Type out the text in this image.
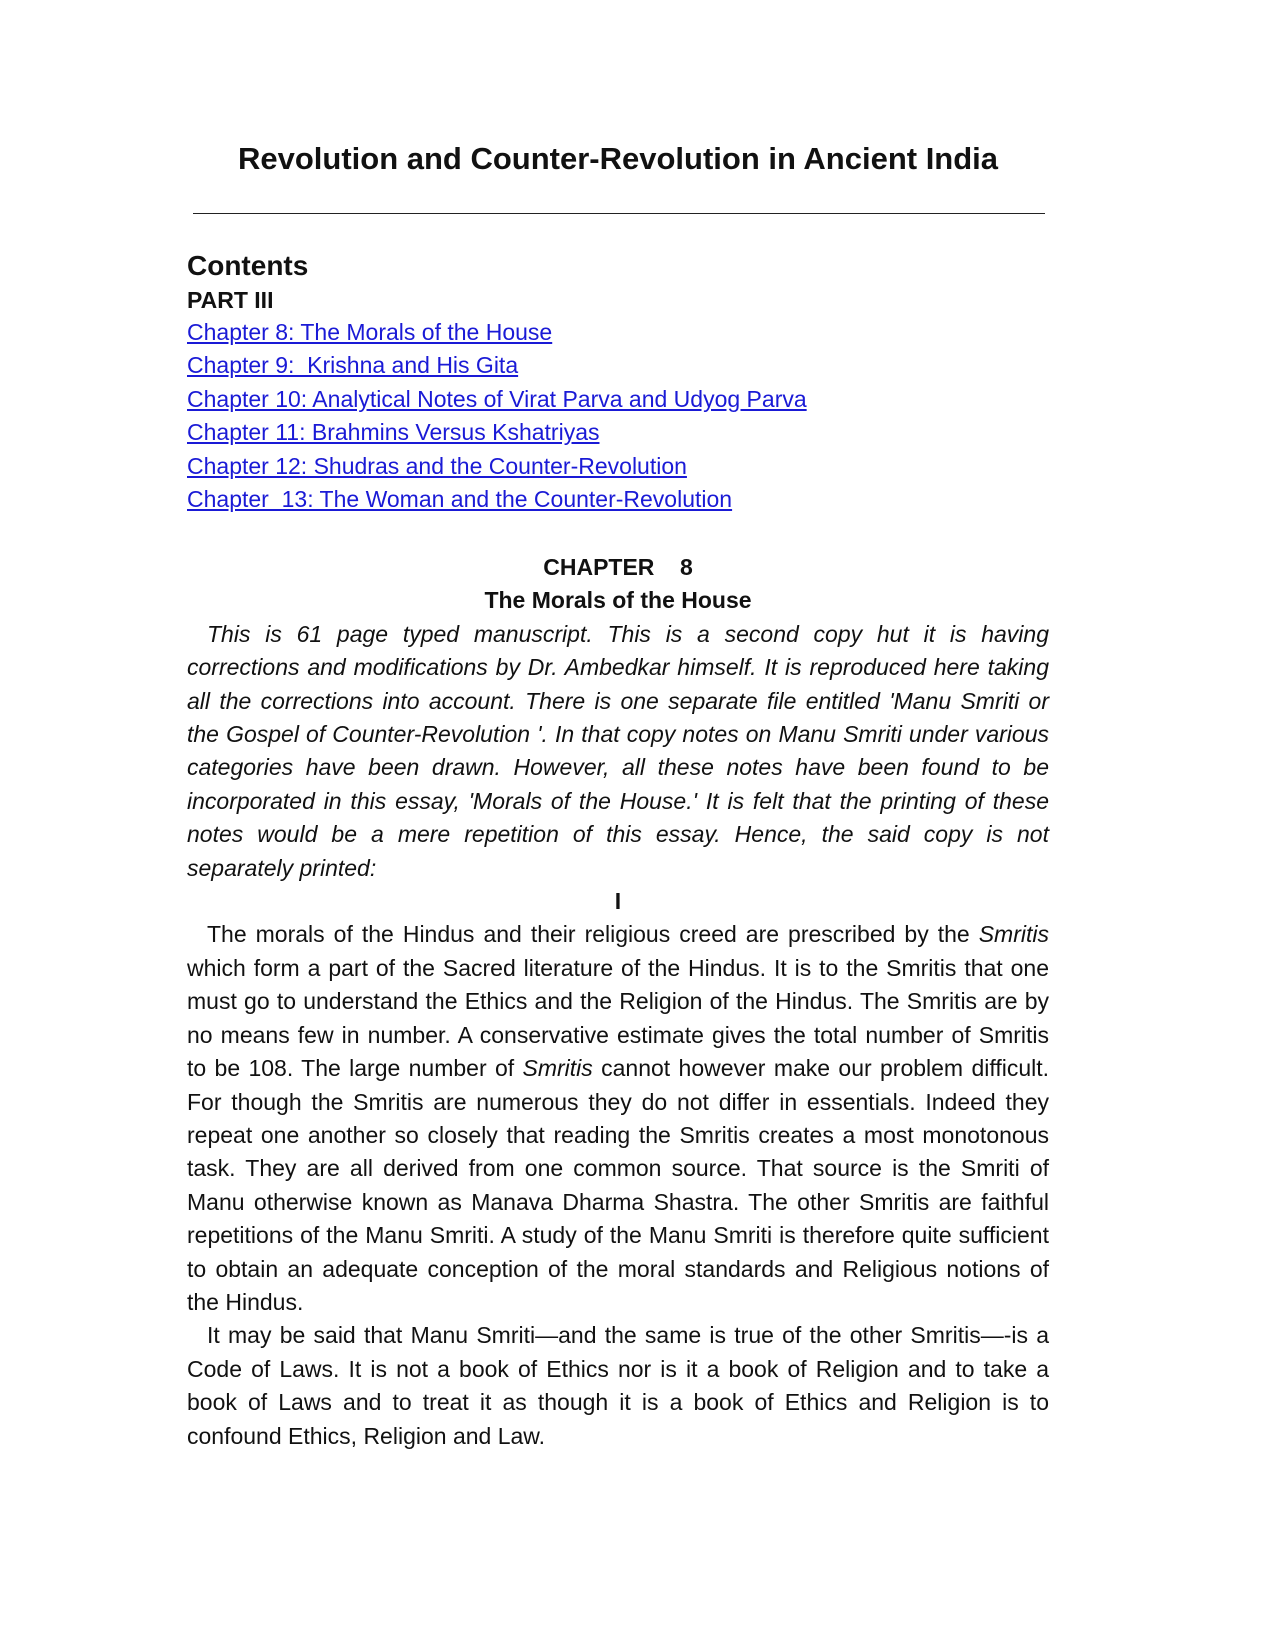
Revolution and Counter-Revolution in Ancient India
Contents
PART III
Chapter 8: The Morals of the House
Chapter 9:  Krishna and His Gita
Chapter 10: Analytical Notes of Virat Parva and Udyog Parva
Chapter 11: Brahmins Versus Kshatriyas
Chapter 12: Shudras and the Counter-Revolution
Chapter  13: The Woman and the Counter-Revolution

CHAPTER    8

The Morals of the House

This is 61 page typed manuscript. This is a second copy hut it is having corrections and modifications by Dr. Ambedkar himself. It is reproduced here taking all the corrections into account. There is one separate file entitled 'Manu Smriti or the Gospel of Counter-Revolution '. In that copy notes on Manu Smriti under various categories have been drawn. However, all these notes have been found to be incorporated in this essay, 'Morals of the House.' It is felt that the printing of these notes would be a mere repetition of this essay. Hence, the said copy is not separately printed:

I

The morals of the Hindus and their religious creed are prescribed by the Smritis which form a part of the Sacred literature of the Hindus. It is to the Smritis that one must go to understand the Ethics and the Religion of the Hindus. The Smritis are by no means few in number. A conservative estimate gives the total number of Smritis to be 108. The large number of Smritis cannot however make our problem difficult. For though the Smritis are numerous they do not differ in essentials. Indeed they repeat one another so closely that reading the Smritis creates a most monotonous task. They are all derived from one common source. That source is the Smriti of Manu otherwise known as Manava Dharma Shastra. The other Smritis are faithful repetitions of the Manu Smriti. A study of the Manu Smriti is therefore quite sufficient to obtain an adequate conception of the moral standards and Religious notions of the Hindus.

It may be said that Manu Smriti—and the same is true of the other Smritis—-is a Code of Laws. It is not a book of Ethics nor is it a book of Religion and to take a book of Laws and to treat it as though it is a book of Ethics and Religion is to confound Ethics, Religion and Law.
